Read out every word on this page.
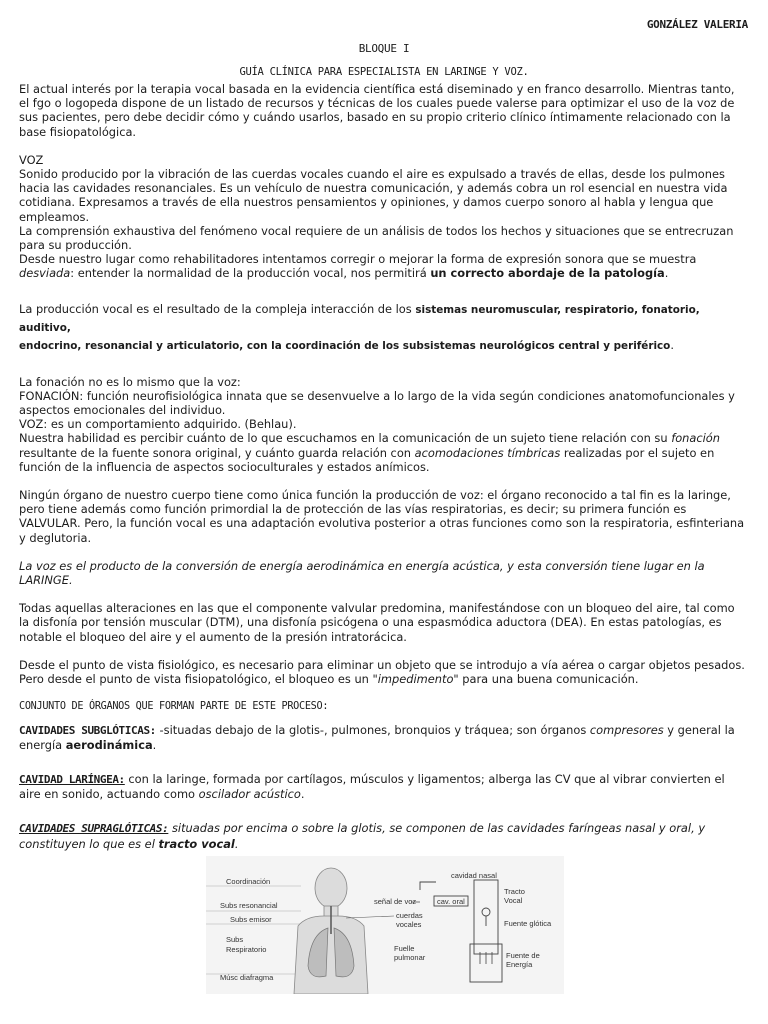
GONZÁLEZ VALERIA
BLOQUE I
GUÍA CLÍNICA PARA ESPECIALISTA EN LARINGE Y VOZ.

El actual interés por la terapia vocal basada en la evidencia científica está diseminado y en franco desarrollo. Mientras tanto, el fgo o logopeda dispone de un listado de recursos y técnicas de los cuales puede valerse para optimizar el uso de la voz de sus pacientes, pero debe decidir cómo y cuándo usarlos, basado en su propio criterio clínico íntimamente relacionado con la base fisiopatológica.

VOZ

Sonido producido por la vibración de las cuerdas vocales cuando el aire es expulsado a través de ellas, desde los pulmones hacia las cavidades resonanciales. Es un vehículo de nuestra comunicación, y además cobra un rol esencial en nuestra vida cotidiana. Expresamos a través de ella nuestros pensamientos y opiniones, y damos cuerpo sonoro al habla y lengua que empleamos.

La comprensión exhaustiva del fenómeno vocal requiere de un análisis de todos los hechos y situaciones que se entrecruzan para su producción.

Desde nuestro lugar como rehabilitadores intentamos corregir o mejorar la forma de expresión sonora que se muestra desviada: entender la normalidad de la producción vocal, nos permitirá un correcto abordaje de la patología.

La producción vocal es el resultado de la compleja interacción de los sistemas neuromuscular, respiratorio, fonatorio, auditivo,
endocrino, resonancial y articulatorio, con la coordinación de los subsistemas neurológicos central y periférico.

La fonación no es lo mismo que la voz:

FONACIÓN: función neurofisiológica innata que se desenvuelve a lo largo de la vida según condiciones anatomofuncionales y aspectos emocionales del individuo.

VOZ: es un comportamiento adquirido. (Behlau).

Nuestra habilidad es percibir cuánto de lo que escuchamos en la comunicación de un sujeto tiene relación con su fonación resultante de la fuente sonora original, y cuánto guarda relación con acomodaciones tímbricas realizadas por el sujeto en función de la influencia de aspectos socioculturales y estados anímicos.

Ningún órgano de nuestro cuerpo tiene como única función la producción de voz: el órgano reconocido a tal fin es la laringe, pero tiene además como función primordial la de protección de las vías respiratorias, es decir; su primera función es VALVULAR. Pero, la función vocal es una adaptación evolutiva posterior a otras funciones como son la respiratoria, esfinteriana y deglutoria.

La voz es el producto de la conversión de energía aerodinámica en energía acústica, y esta conversión tiene lugar en la LARINGE.

Todas aquellas alteraciones en las que el componente valvular predomina, manifestándose con un bloqueo del aire, tal como la disfonía por tensión muscular (DTM), una disfonía psicógena o una espasmódica aductora (DEA). En estas patologías, es notable el bloqueo del aire y el aumento de la presión intratorácica.

Desde el punto de vista fisiológico, es necesario para eliminar un objeto que se introdujo a vía aérea o cargar objetos pesados. Pero desde el punto de vista fisiopatológico, el bloqueo es un "impedimento" para una buena comunicación.

CONJUNTO DE ÓRGANOS QUE FORMAN PARTE DE ESTE PROCESO:

CAVIDADES SUBGLÓTICAS: -situadas debajo de la glotis-, pulmones, bronquios y tráquea; son órganos compresores y general la energía aerodinámica.

CAVIDAD LARÍNGEA: con la laringe, formada por cartílagos, músculos y ligamentos; alberga las CV que al vibrar convierten el aire en sonido, actuando como oscilador acústico.

CAVIDADES SUPRAGLÓTICAS: situadas por encima o sobre la glotis, se componen de las cavidades faríngeas nasal y oral, y constituyen lo que es el tracto vocal.

Coordinación
Subs resonancial
Subs emisor
Subs
Respiratorio
Músc diafragma
señal de voz
cuerdas
vocales
Fuelle
pulmonar
cavidad nasal
cav. oral
Tracto
Vocal
Fuente glótica
Fuente de
Energía
